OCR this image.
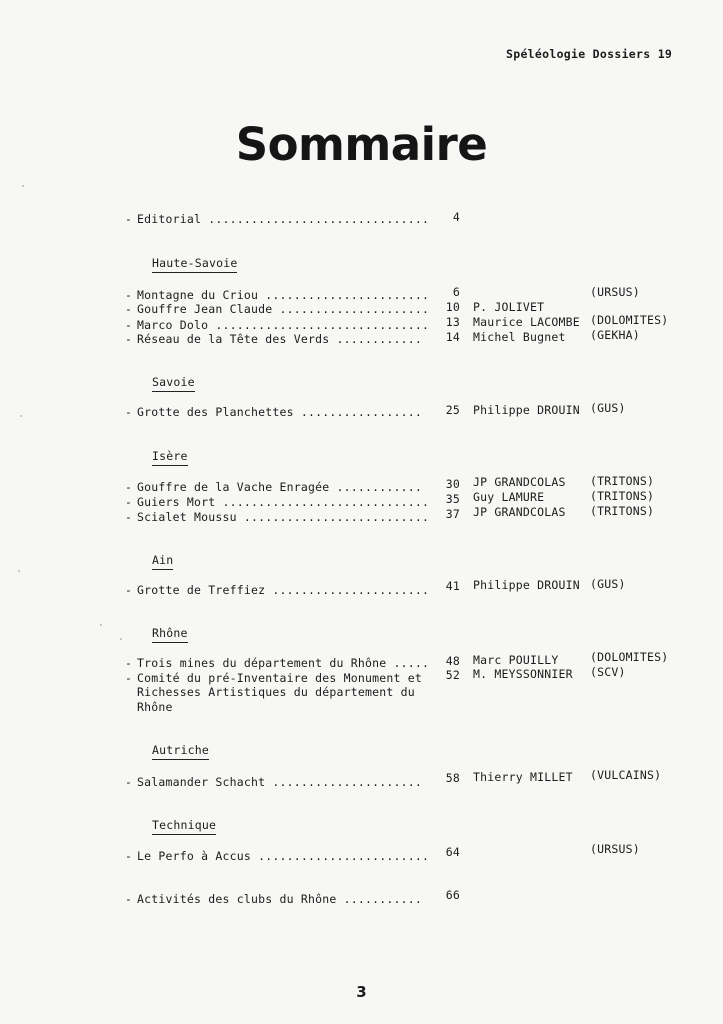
Spéléologie Dossiers 19
Sommaire
- Editorial ...............................	4
Haute-Savoie
- Montagne du Criou .......................	6	(URSUS)
- Gouffre Jean Claude .....................	10 P. JOLIVET
- Marco Dolo ..............................	13 Maurice LACOMBE (DOLOMITES)
- Réseau de la Tête des Verds ............	14 Michel Bugnet (GEKHA)
Savoie
- Grotte des Planchettes .................	25 Philippe DROUIN (GUS)
Isère
- Gouffre de la Vache Enragée ............	30 JP GRANDCOLAS (TRITONS)
- Guiers Mort .............................	35 Guy LAMURE	(TRITONS)
- Scialet Moussu ..........................	37 JP GRANDCOLAS (TRITONS)
Ain
- Grotte de Treffiez ......................	41 Philippe DROUIN (GUS)
Rhône
- Trois mines du département du Rhône .....	48 Marc POUILLY	(DOLOMITES)
- Comité du pré-Inventaire des Monument et	52 M. MEYSSONNIER (SCV)
Richesses Artistiques du département du
Rhône
Autriche
- Salamander Schacht .....................	58 Thierry MILLET (VULCAINS)
Technique
- Le Perfo à Accus ........................	64	(URSUS)
- Activités des clubs du Rhône ...........	66
3
